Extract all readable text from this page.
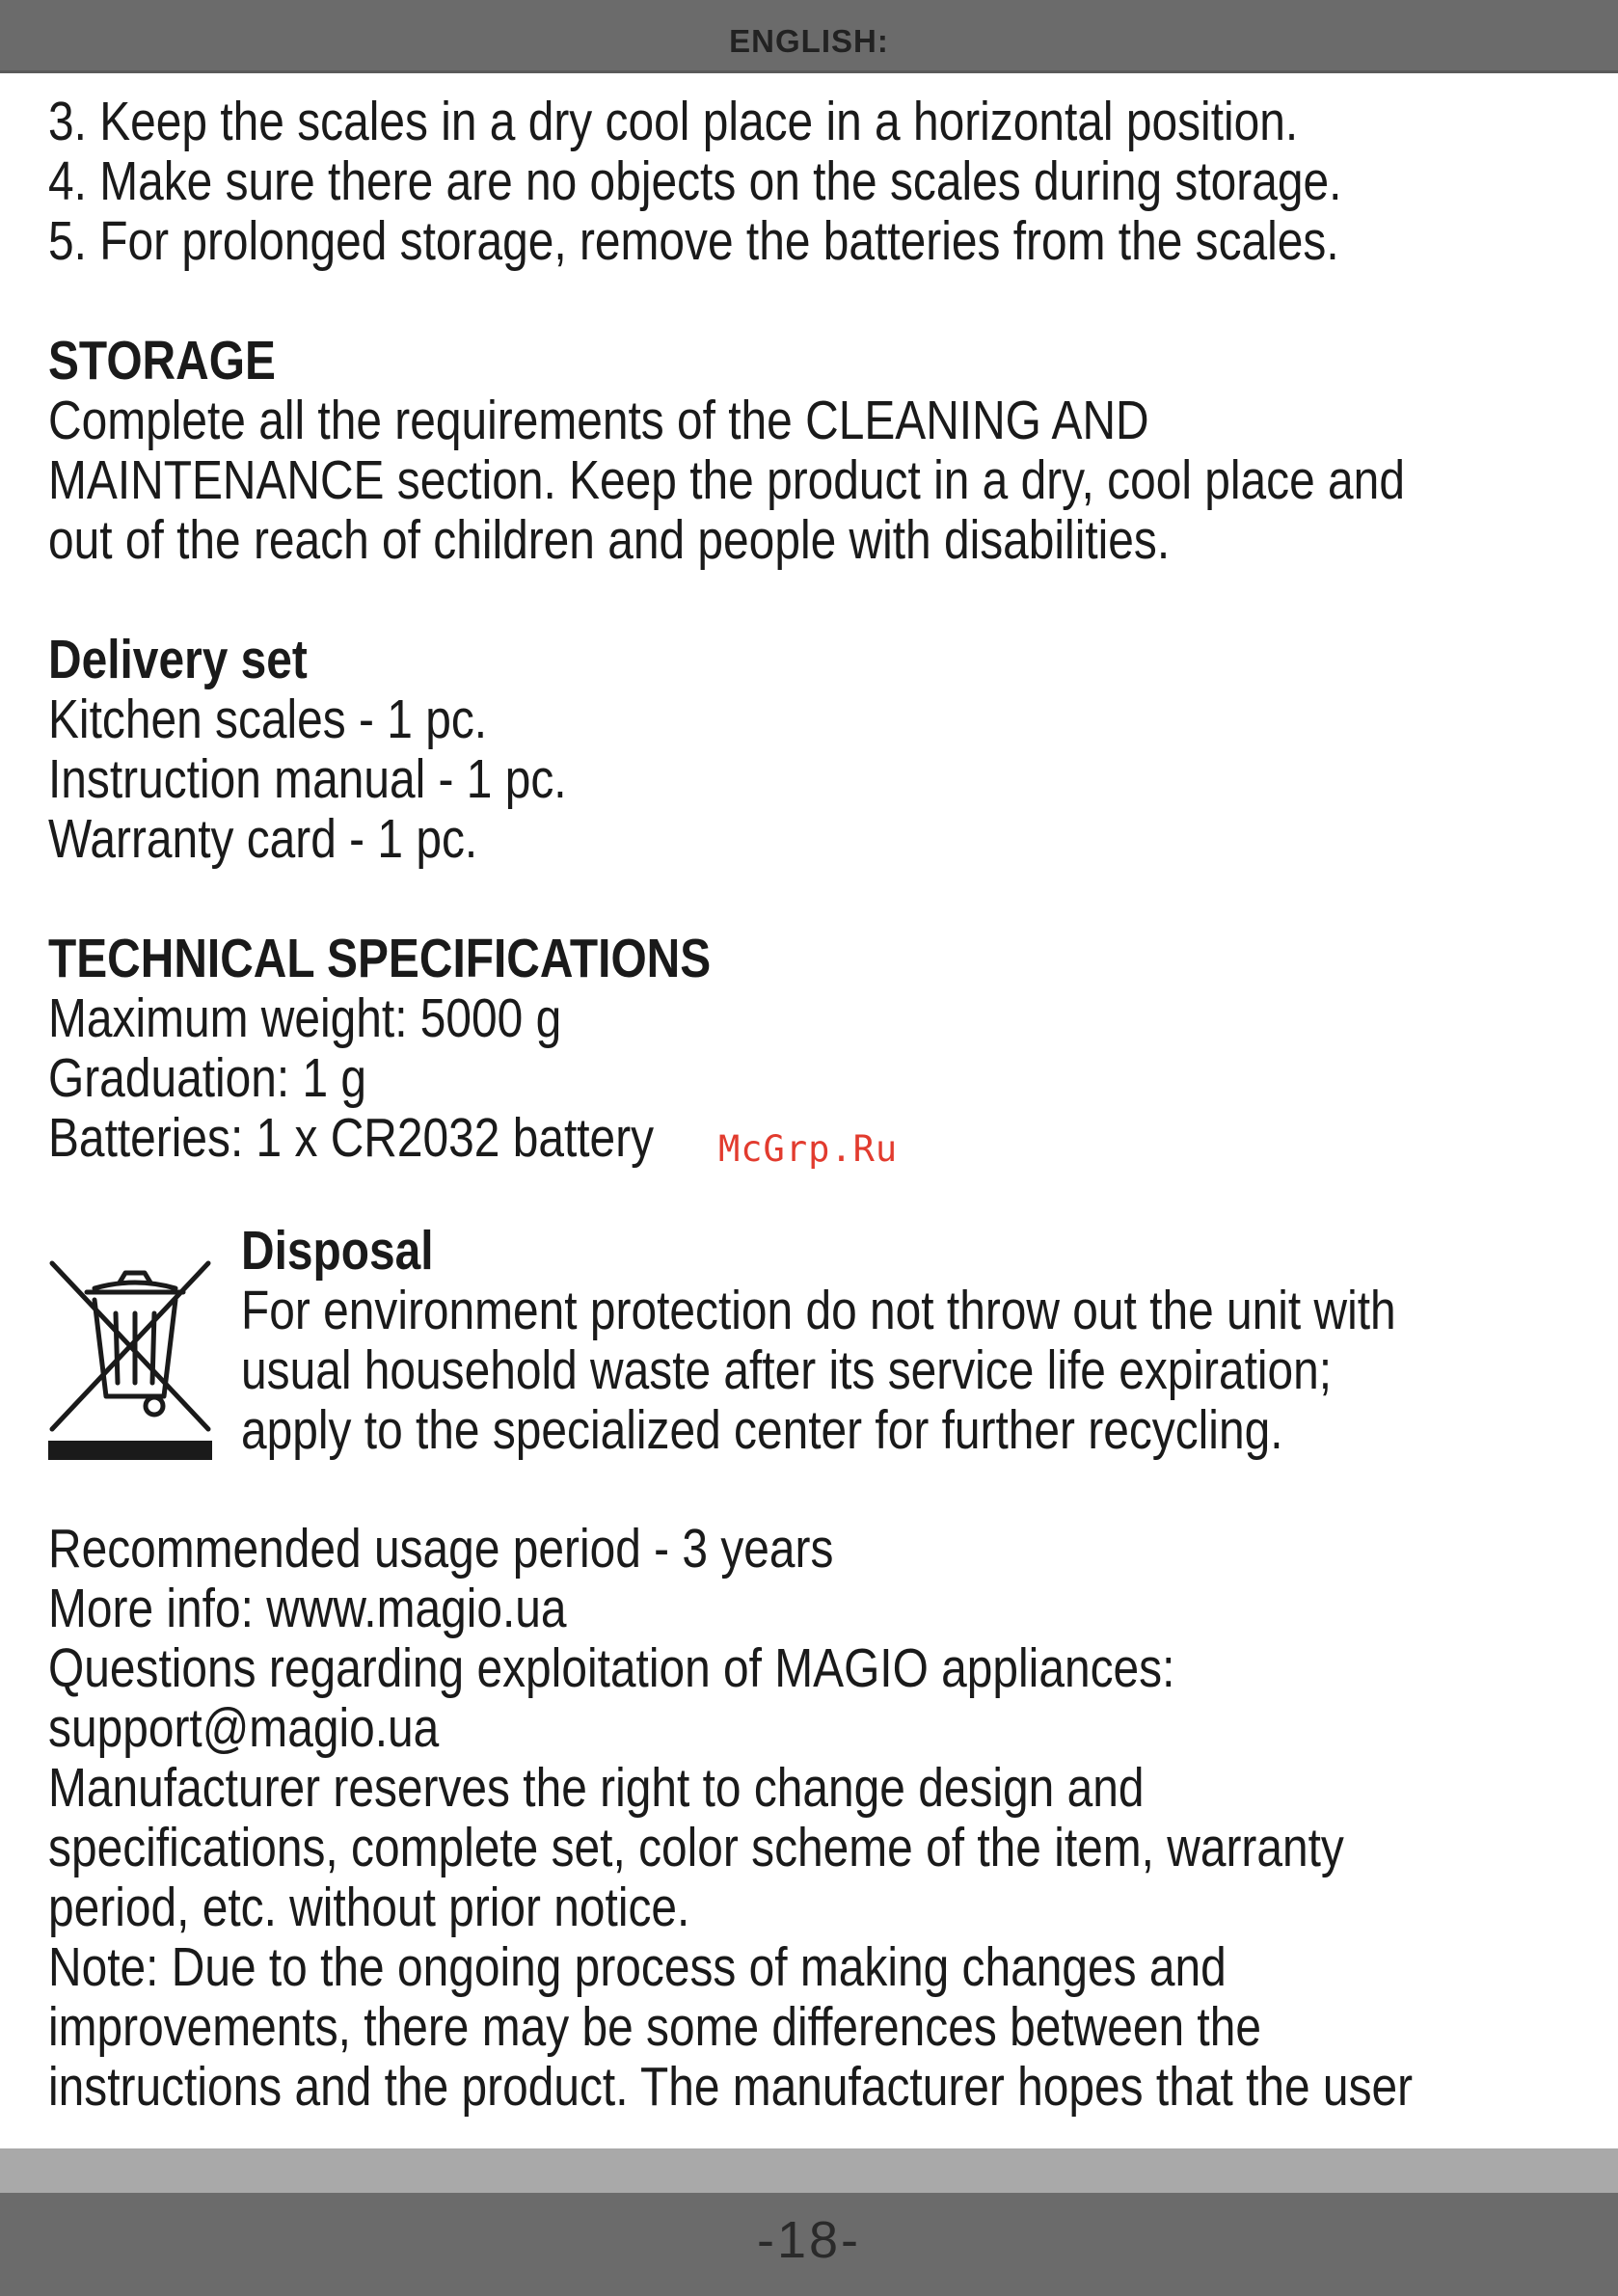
ENGLISH:
3. Keep the scales in a dry cool place in a horizontal position.
4. Make sure there are no objects on the scales during storage.
5. For prolonged storage, remove the batteries from the scales.
STORAGE
Complete all the requirements of the CLEANING AND
MAINTENANCE section. Keep the product in a dry, cool place and
out of the reach of children and people with disabilities.
Delivery set
Kitchen scales - 1 pc.
Instruction manual - 1 pc.
Warranty card - 1 pc.
TECHNICAL SPECIFICATIONS
Maximum weight: 5000 g
Graduation: 1 g
Batteries: 1 x CR2032 battery	McGrp.Ru
Disposal
For environment protection do not throw out the unit with
usual household waste after its service life expiration;
apply to the specialized center for further recycling.
Recommended usage period - 3 years
More info: www.magio.ua
Questions regarding exploitation of MAGIO appliances:
support@magio.ua
Manufacturer reserves the right to change design and
specifications, complete set, color scheme of the item, warranty
period, etc. without prior notice.
Note: Due to the ongoing process of making changes and
improvements, there may be some differences between the
instructions and the product. The manufacturer hopes that the user
-18-
